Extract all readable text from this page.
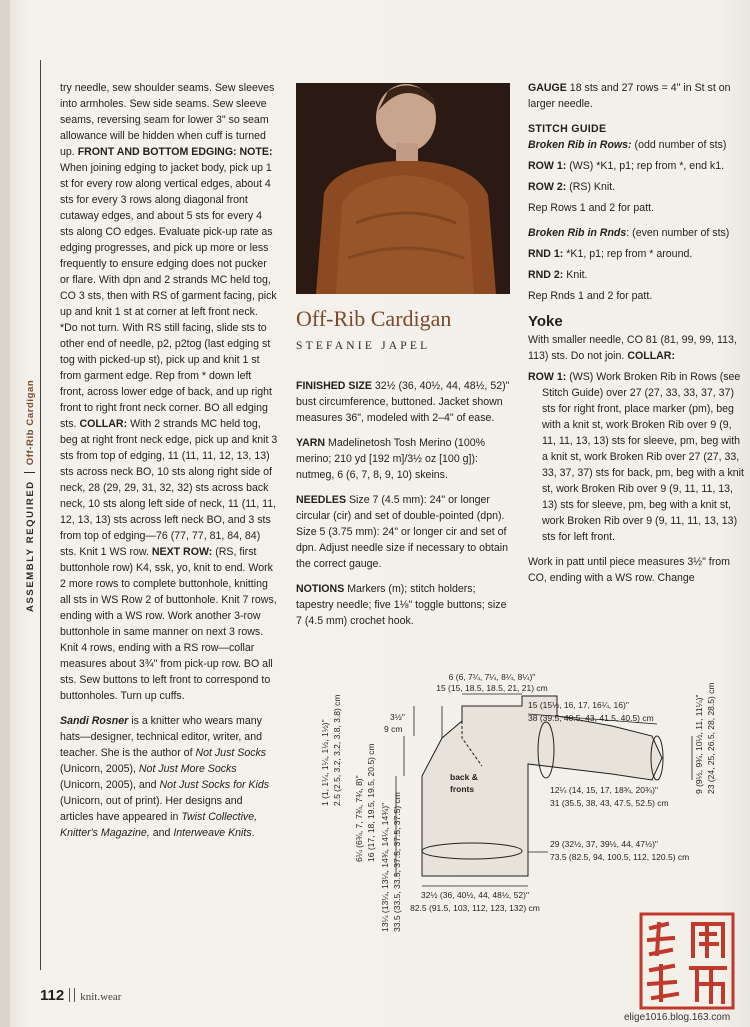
ASSEMBLY REQUIREDOff-Rib Cardigan

try needle, sew shoulder seams. Sew sleeves into armholes. Sew side seams. Sew sleeve seams, reversing seam for lower 3" so seam allowance will be hidden when cuff is turned up. FRONT AND BOTTOM EDGING: NOTE: When joining edging to jacket body, pick up 1 st for every row along vertical edges, about 4 sts for every 3 rows along diagonal front cutaway edges, and about 5 sts for every 4 sts along CO edges. Evaluate pick-up rate as edging progresses, and pick up more or less frequently to ensure edging does not pucker or flare. With dpn and 2 strands MC held tog, CO 3 sts, then with RS of garment facing, pick up and knit 1 st at corner at left front neck. *Do not turn. With RS still facing, slide sts to other end of needle, p2, p2tog (last edging st tog with picked-up st), pick up and knit 1 st from garment edge. Rep from * down left front, across lower edge of back, and up right front to right front neck corner. BO all edging sts. COLLAR: With 2 strands MC held tog, beg at right front neck edge, pick up and knit 3 sts from top of edging, 11 (11, 11, 12, 13, 13) sts across neck BO, 10 sts along right side of neck, 28 (29, 29, 31, 32, 32) sts across back neck, 10 sts along left side of neck, 11 (11, 11, 12, 13, 13) sts across left neck BO, and 3 sts from top of edging—76 (77, 77, 81, 84, 84) sts. Knit 1 WS row. NEXT ROW: (RS, first buttonhole row) K4, ssk, yo, knit to end. Work 2 more rows to complete buttonhole, knitting all sts in WS Row 2 of buttonhole. Knit 7 rows, ending with a WS row. Work another 3-row buttonhole in same manner on next 3 rows. Knit 4 rows, ending with a RS row—collar measures about 3¾" from pick-up row. BO all sts. Sew buttons to left front to correspond to buttonholes. Turn up cuffs.

Sandi Rosner is a knitter who wears many hats—designer, technical editor, writer, and teacher. She is the author of Not Just Socks (Unicorn, 2005), Not Just More Socks (Unicorn, 2005), and Not Just Socks for Kids (Unicorn, out of print). Her designs and articles have appeared in Twist Collective, Knitter's Magazine, and Interweave Knits.

Off-Rib Cardigan
STEFANIE JAPEL

FINISHED SIZE 32½ (36, 40½, 44, 48½, 52)" bust circumference, buttoned. Jacket shown measures 36", modeled with 2–4" of ease.

YARN Madelinetosh Tosh Merino (100% merino; 210 yd [192 m]/3½ oz [100 g]): nutmeg, 6 (6, 7, 8, 9, 10) skeins.

NEEDLES Size 7 (4.5 mm): 24" or longer circular (cir) and set of double-pointed (dpn). Size 5 (3.75 mm): 24" or longer cir and set of dpn. Adjust needle size if necessary to obtain the correct gauge.

NOTIONS Markers (m); stitch holders; tapestry needle; five 1⅛" toggle buttons; size 7 (4.5 mm) crochet hook.

GAUGE 18 sts and 27 rows = 4" in St st on larger needle.

STITCH GUIDE

Broken Rib in Rows: (odd number of sts)

ROW 1: (WS) *K1, p1; rep from *, end k1.

ROW 2: (RS) Knit.

Rep Rows 1 and 2 for patt.

Broken Rib in Rnds: (even number of sts)

RND 1: *K1, p1; rep from * around.

RND 2: Knit.

Rep Rnds 1 and 2 for patt.

Yoke

With smaller needle, CO 81 (81, 99, 99, 113, 113) sts. Do not join. COLLAR:

ROW 1: (WS) Work Broken Rib in Rows (see Stitch Guide) over 27 (27, 33, 33, 37, 37) sts for right front, place marker (pm), beg with a knit st, work Broken Rib over 9 (9, 11, 11, 13, 13) sts for sleeve, pm, beg with a knit st, work Broken Rib over 27 (27, 33, 33, 37, 37) sts for back, pm, beg with a knit st, work Broken Rib over 9 (9, 11, 11, 13, 13) sts for sleeve, pm, beg with a knit st, work Broken Rib over 9 (9, 11, 11, 13, 13) sts for left front.

Work in patt until piece measures 3½" from CO, ending with a WS row. Change

6 (6, 7¼, 7¼, 8¼, 8¼)"
15 (15, 18.5, 18.5, 21, 21) cm
3½"
9 cm
15 (15½, 16, 17, 16¼, 16)"
38 (39.5, 40.5, 43, 41.5, 40.5) cm	9 (9½, 9¾, 10½, 11, 11¼)" 23 (24, 25, 26.5, 28, 28.5) cm
1 (1, 1¼, 1¼, 1½, 1½)" 2.5 (2.5, 3.2, 3.2, 3.8, 3.8) cm
6¼ (6¾, 7, 7¾, 7¾, 8)" 16 (17, 18, 19.5, 19.5, 20.5) cm
13¼ (13¼, 13¼, 14¾, 14¼, 14¾)" 33.5 (33.5, 33.5, 37.5, 37.5, 37.5) cm
12¼ (14, 15, 17, 18¾, 20¾)"
31 (35.5, 38, 43, 47.5, 52.5) cm
29 (32½, 37, 39½, 44, 47½)"
73.5 (82.5, 94, 100.5, 112, 120.5) cm
32½ (36, 40½, 44, 48½, 52)"
82.5 (91.5, 103, 112, 123, 132) cm
back &
fronts
112 knit.wear
elige1016.blog.163.com
